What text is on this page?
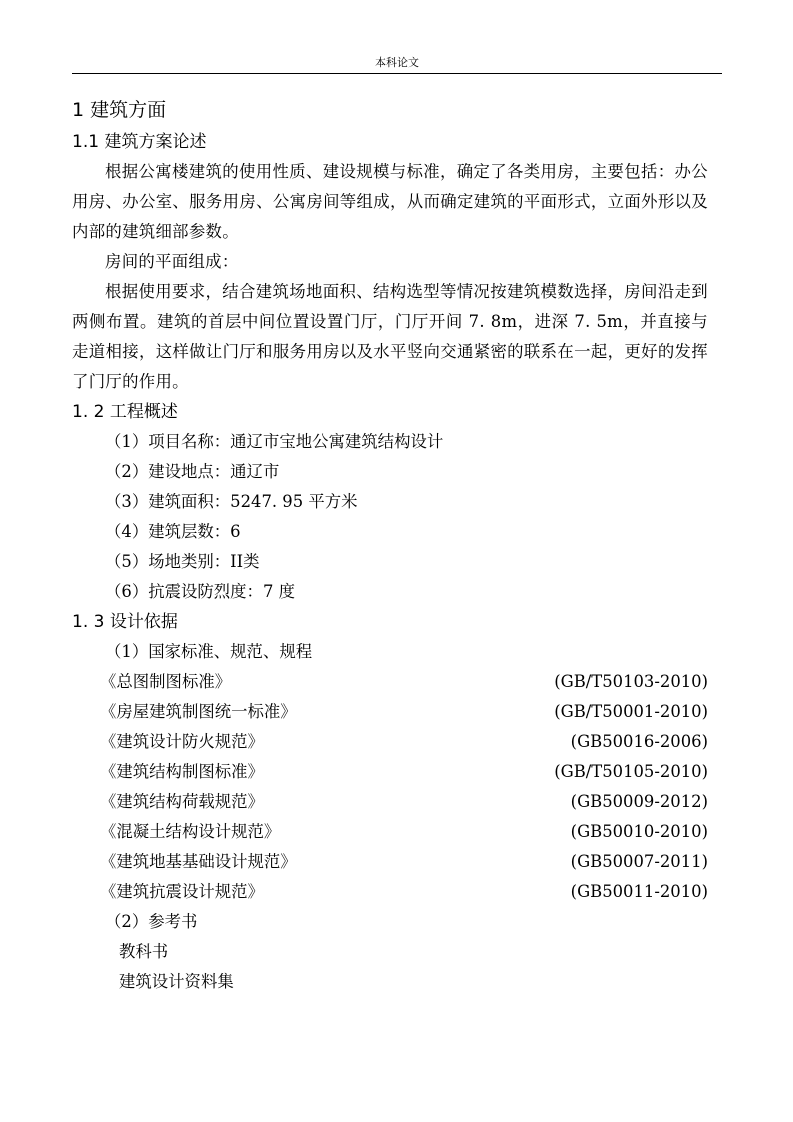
本科论文
1 建筑方面
1.1 建筑方案论述

根据公寓楼建筑的使用性质、建设规模与标准，确定了各类用房，主要包括：办公用房、办公室、服务用房、公寓房间等组成，从而确定建筑的平面形式，立面外形以及内部的建筑细部参数。

房间的平面组成：

根据使用要求，结合建筑场地面积、结构选型等情况按建筑模数选择，房间沿走到两侧布置。建筑的首层中间位置设置门厅，门厅开间 7. 8m，进深 7. 5m，并直接与走道相接，这样做让门厅和服务用房以及水平竖向交通紧密的联系在一起，更好的发挥了门厅的作用。

1. 2 工程概述

（1）项目名称：通辽市宝地公寓建筑结构设计

（2）建设地点：通辽市

（3）建筑面积：5247. 95 平方米

（4）建筑层数：6

（5）场地类别：II类

（6）抗震设防烈度：7 度

1. 3 设计依据

（1）国家标准、规范、规程

《总图制图标准》	(GB/T50103-2010)
《房屋建筑制图统一标准》	(GB/T50001-2010)
《建筑设计防火规范》	(GB50016-2006)
《建筑结构制图标准》	(GB/T50105-2010)
《建筑结构荷载规范》	(GB50009-2012)
《混凝土结构设计规范》	(GB50010-2010)
《建筑地基基础设计规范》	(GB50007-2011)
《建筑抗震设计规范》	(GB50011-2010)

（2）参考书

教科书

建筑设计资料集
